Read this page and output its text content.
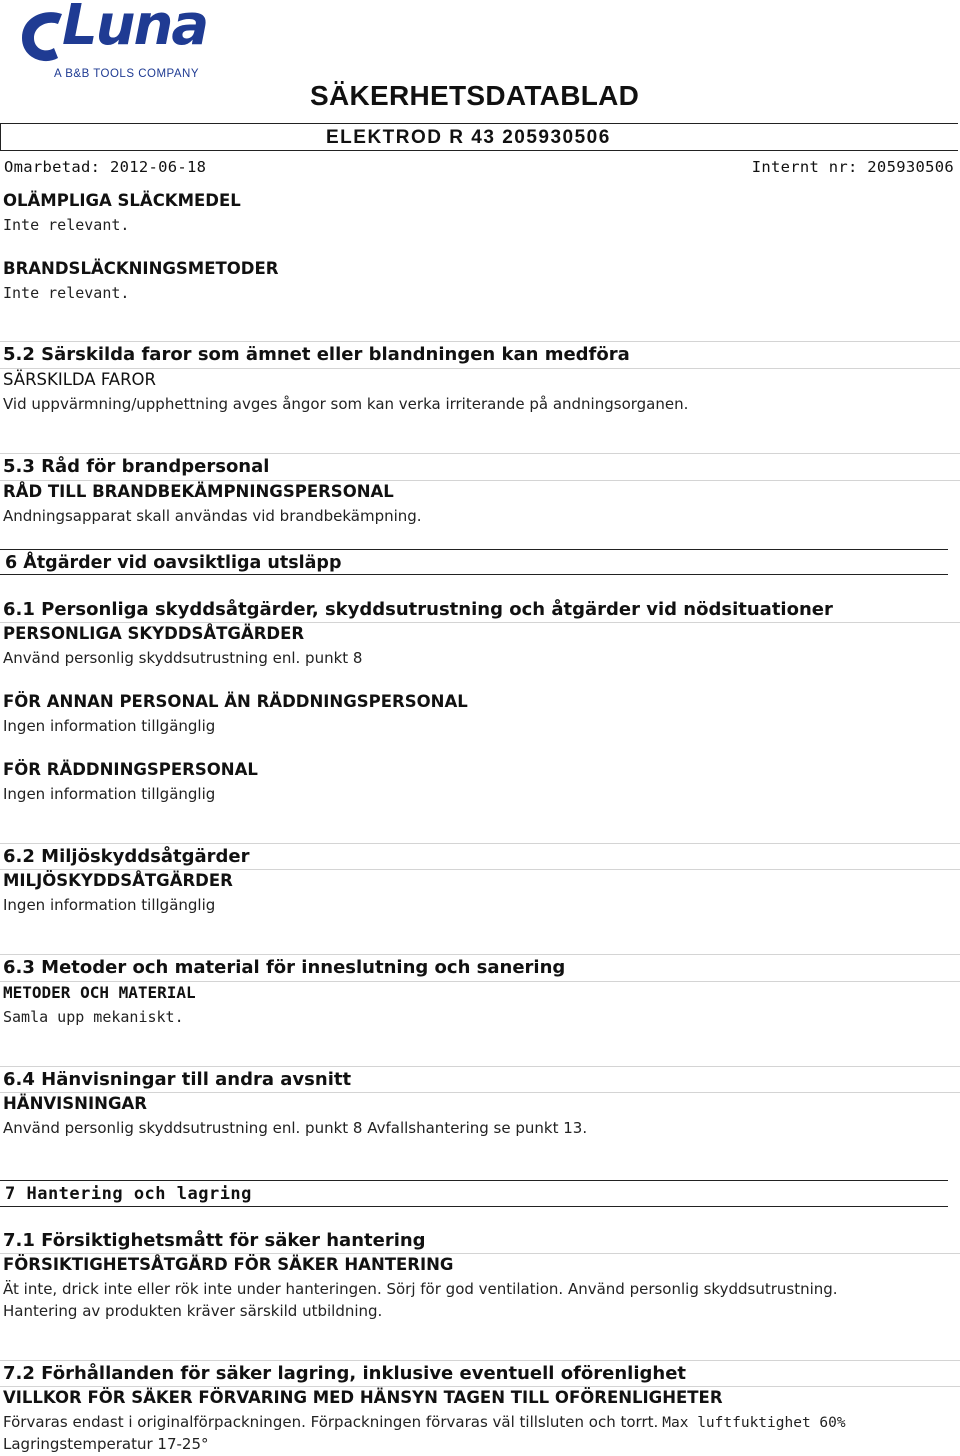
Luna
A B&B TOOLS COMPANY
SÄKERHETSDATABLAD
ELEKTROD R 43 205930506
Omarbetad: 2012-06-18	Internt nr: 205930506
OLÄMPLIGA SLÄCKMEDEL
Inte relevant.
BRANDSLÄCKNINGSMETODER
Inte relevant.
5.2 Särskilda faror som ämnet eller blandningen kan medföra
SÄRSKILDA FAROR
Vid uppvärmning/upphettning avges ångor som kan verka irriterande på andningsorganen.
5.3 Råd för brandpersonal
RÅD TILL BRANDBEKÄMPNINGSPERSONAL
Andningsapparat skall användas vid brandbekämpning.
6 Åtgärder vid oavsiktliga utsläpp
6.1 Personliga skyddsåtgärder, skyddsutrustning och åtgärder vid nödsituationer
PERSONLIGA SKYDDSÅTGÄRDER
Använd personlig skyddsutrustning enl. punkt 8
FÖR ANNAN PERSONAL ÄN RÄDDNINGSPERSONAL
Ingen information tillgänglig
FÖR RÄDDNINGSPERSONAL
Ingen information tillgänglig
6.2 Miljöskyddsåtgärder
MILJÖSKYDDSÅTGÄRDER
Ingen information tillgänglig
6.3 Metoder och material för inneslutning och sanering
METODER OCH MATERIAL
Samla upp mekaniskt.
6.4 Hänvisningar till andra avsnitt
HÄNVISNINGAR
Använd personlig skyddsutrustning enl. punkt 8 Avfallshantering se punkt 13.
7 Hantering och lagring
7.1 Försiktighetsmått för säker hantering
FÖRSIKTIGHETSÅTGÄRD FÖR SÄKER HANTERING
Ät inte, drick inte eller rök inte under hanteringen. Sörj för god ventilation. Använd personlig skyddsutrustning.
Hantering av produkten kräver särskild utbildning.
7.2 Förhållanden för säker lagring, inklusive eventuell oförenlighet
VILLKOR FÖR SÄKER FÖRVARING MED HÄNSYN TAGEN TILL OFÖRENLIGHETER
Förvaras endast i originalförpackningen. Förpackningen förvaras väl tillsluten och torrt. Max luftfuktighet 60%
Lagringstemperatur 17-25°
